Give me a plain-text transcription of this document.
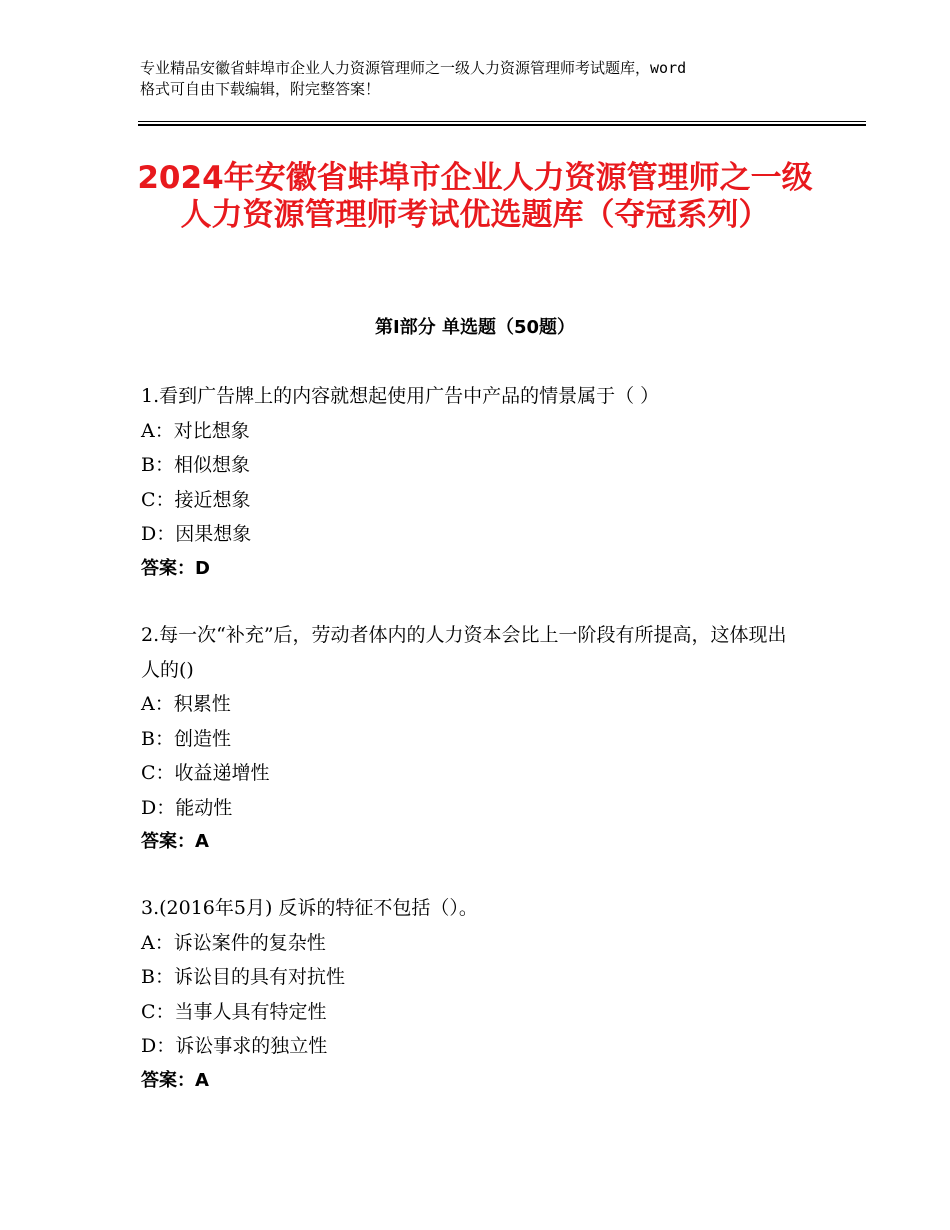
专业精品安徽省蚌埠市企业人力资源管理师之一级人力资源管理师考试题库，word
格式可自由下载编辑，附完整答案！
2024年安徽省蚌埠市企业人力资源管理师之一级人力资源管理师考试优选题库（夺冠系列）
第Ⅰ部分 单选题（50题）
1.看到广告牌上的内容就想起使用广告中产品的情景属于（ ）
A：对比想象
B：相似想象
C：接近想象
D：因果想象
答案：D
2.每一次“补充”后，劳动者体内的人力资本会比上一阶段有所提高，这体现出人的()
A：积累性
B：创造性
C：收益递增性
D：能动性
答案：A
3.(2016年5月) 反诉的特征不包括（）。
A：诉讼案件的复杂性
B：诉讼目的具有对抗性
C：当事人具有特定性
D：诉讼事求的独立性
答案：A
